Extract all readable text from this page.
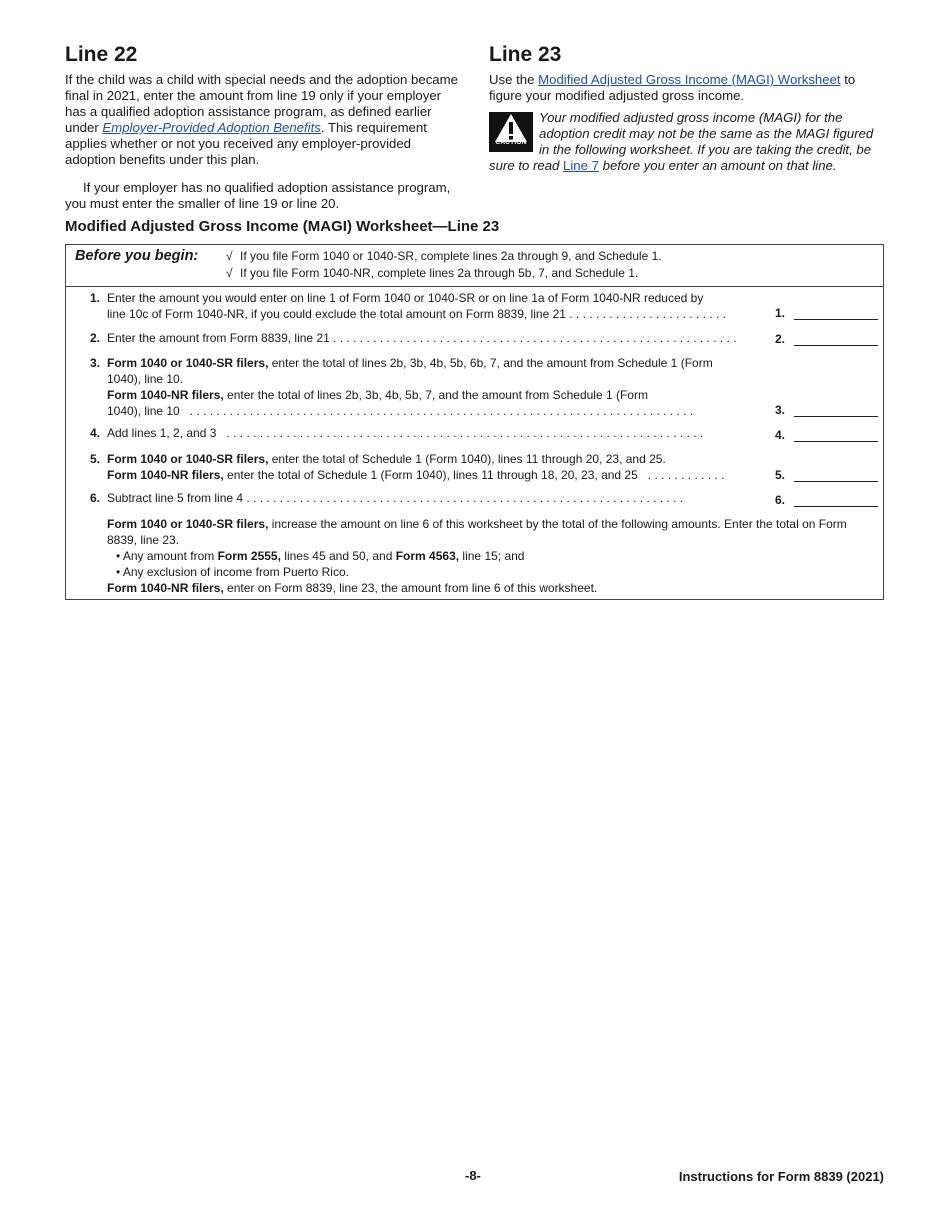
Line 22

If the child was a child with special needs and the adoption became final in 2021, enter the amount from line 19 only if your employer has a qualified adoption assistance program, as defined earlier under Employer-Provided Adoption Benefits. This requirement applies whether or not you received any employer-provided adoption benefits under this plan.

If your employer has no qualified adoption assistance program, you must enter the smaller of line 19 or line 20.

Line 23

Use the Modified Adjusted Gross Income (MAGI) Worksheet to figure your modified adjusted gross income.

CAUTION
Your modified adjusted gross income (MAGI) for the adoption credit may not be the same as the MAGI figured in the following worksheet. If you are taking the credit, be sure to read Line 7 before you enter an amount on that line.
Modified Adjusted Gross Income (MAGI) Worksheet—Line 23
Before you begin: √ If you file Form 1040 or 1040-SR, complete lines 2a through 9, and Schedule 1.
√ If you file Form 1040-NR, complete lines 2a through 5b, 7, and Schedule 1.
1. Enter the amount you would enter on line 1 of Form 1040 or 1040-SR or on line 1a of Form 1040-NR reduced by
line 10c of Form 1040-NR, if you could exclude the total amount on Form 8839, line 21 . . . . . . . . . . . . . . . . . . . . . . . .	1.
2. Enter the amount from Form 8839, line 21 . . . . . . . . . . . . . . . . . . . . . . . . . . . . . . . . . . . . . . . . . . . . . . . . . . . . . . . . . . . . .	2.
3. Form 1040 or 1040-SR filers, enter the total of lines 2b, 3b, 4b, 5b, 6b, 7, and the amount from Schedule 1 (Form
1040), line 10.
Form 1040-NR filers, enter the total of lines 2b, 3b, 4b, 5b, 7, and the amount from Schedule 1 (Form
1040), line 10 . . . . . . . . . . . . . . . . . . . . . . . . . . . . . . . . . . . . . . . . . . . . . . . . . . . . . . . . . . . . . . . . . . . . . . . . . . . .	3.
4. Add lines 1, 2, and 3 . . . . . . . . . . . . . . . . . . . . . . . . . . . . . . . . . . . . . . . . . . . . . . . . . . . . . . . . . . . . . . . . . . . . . . . .	4.
5. Form 1040 or 1040-SR filers, enter the total of Schedule 1 (Form 1040), lines 11 through 20, 23, and 25.
Form 1040-NR filers, enter the total of Schedule 1 (Form 1040), lines 11 through 18, 20, 23, and 25 . . . . . . . . . . . .	5.
6. Subtract line 5 from line 4 . . . . . . . . . . . . . . . . . . . . . . . . . . . . . . . . . . . . . . . . . . . . . . . . . . . . . . . . . . . . . . . . . .	6.
Form 1040 or 1040-SR filers, increase the amount on line 6 of this worksheet by the total of the following amounts. Enter the total on Form 8839, line 23.
• Any amount from Form 2555, lines 45 and 50, and Form 4563, line 15; and
• Any exclusion of income from Puerto Rico.
Form 1040-NR filers, enter on Form 8839, line 23, the amount from line 6 of this worksheet.
-8-	Instructions for Form 8839 (2021)
